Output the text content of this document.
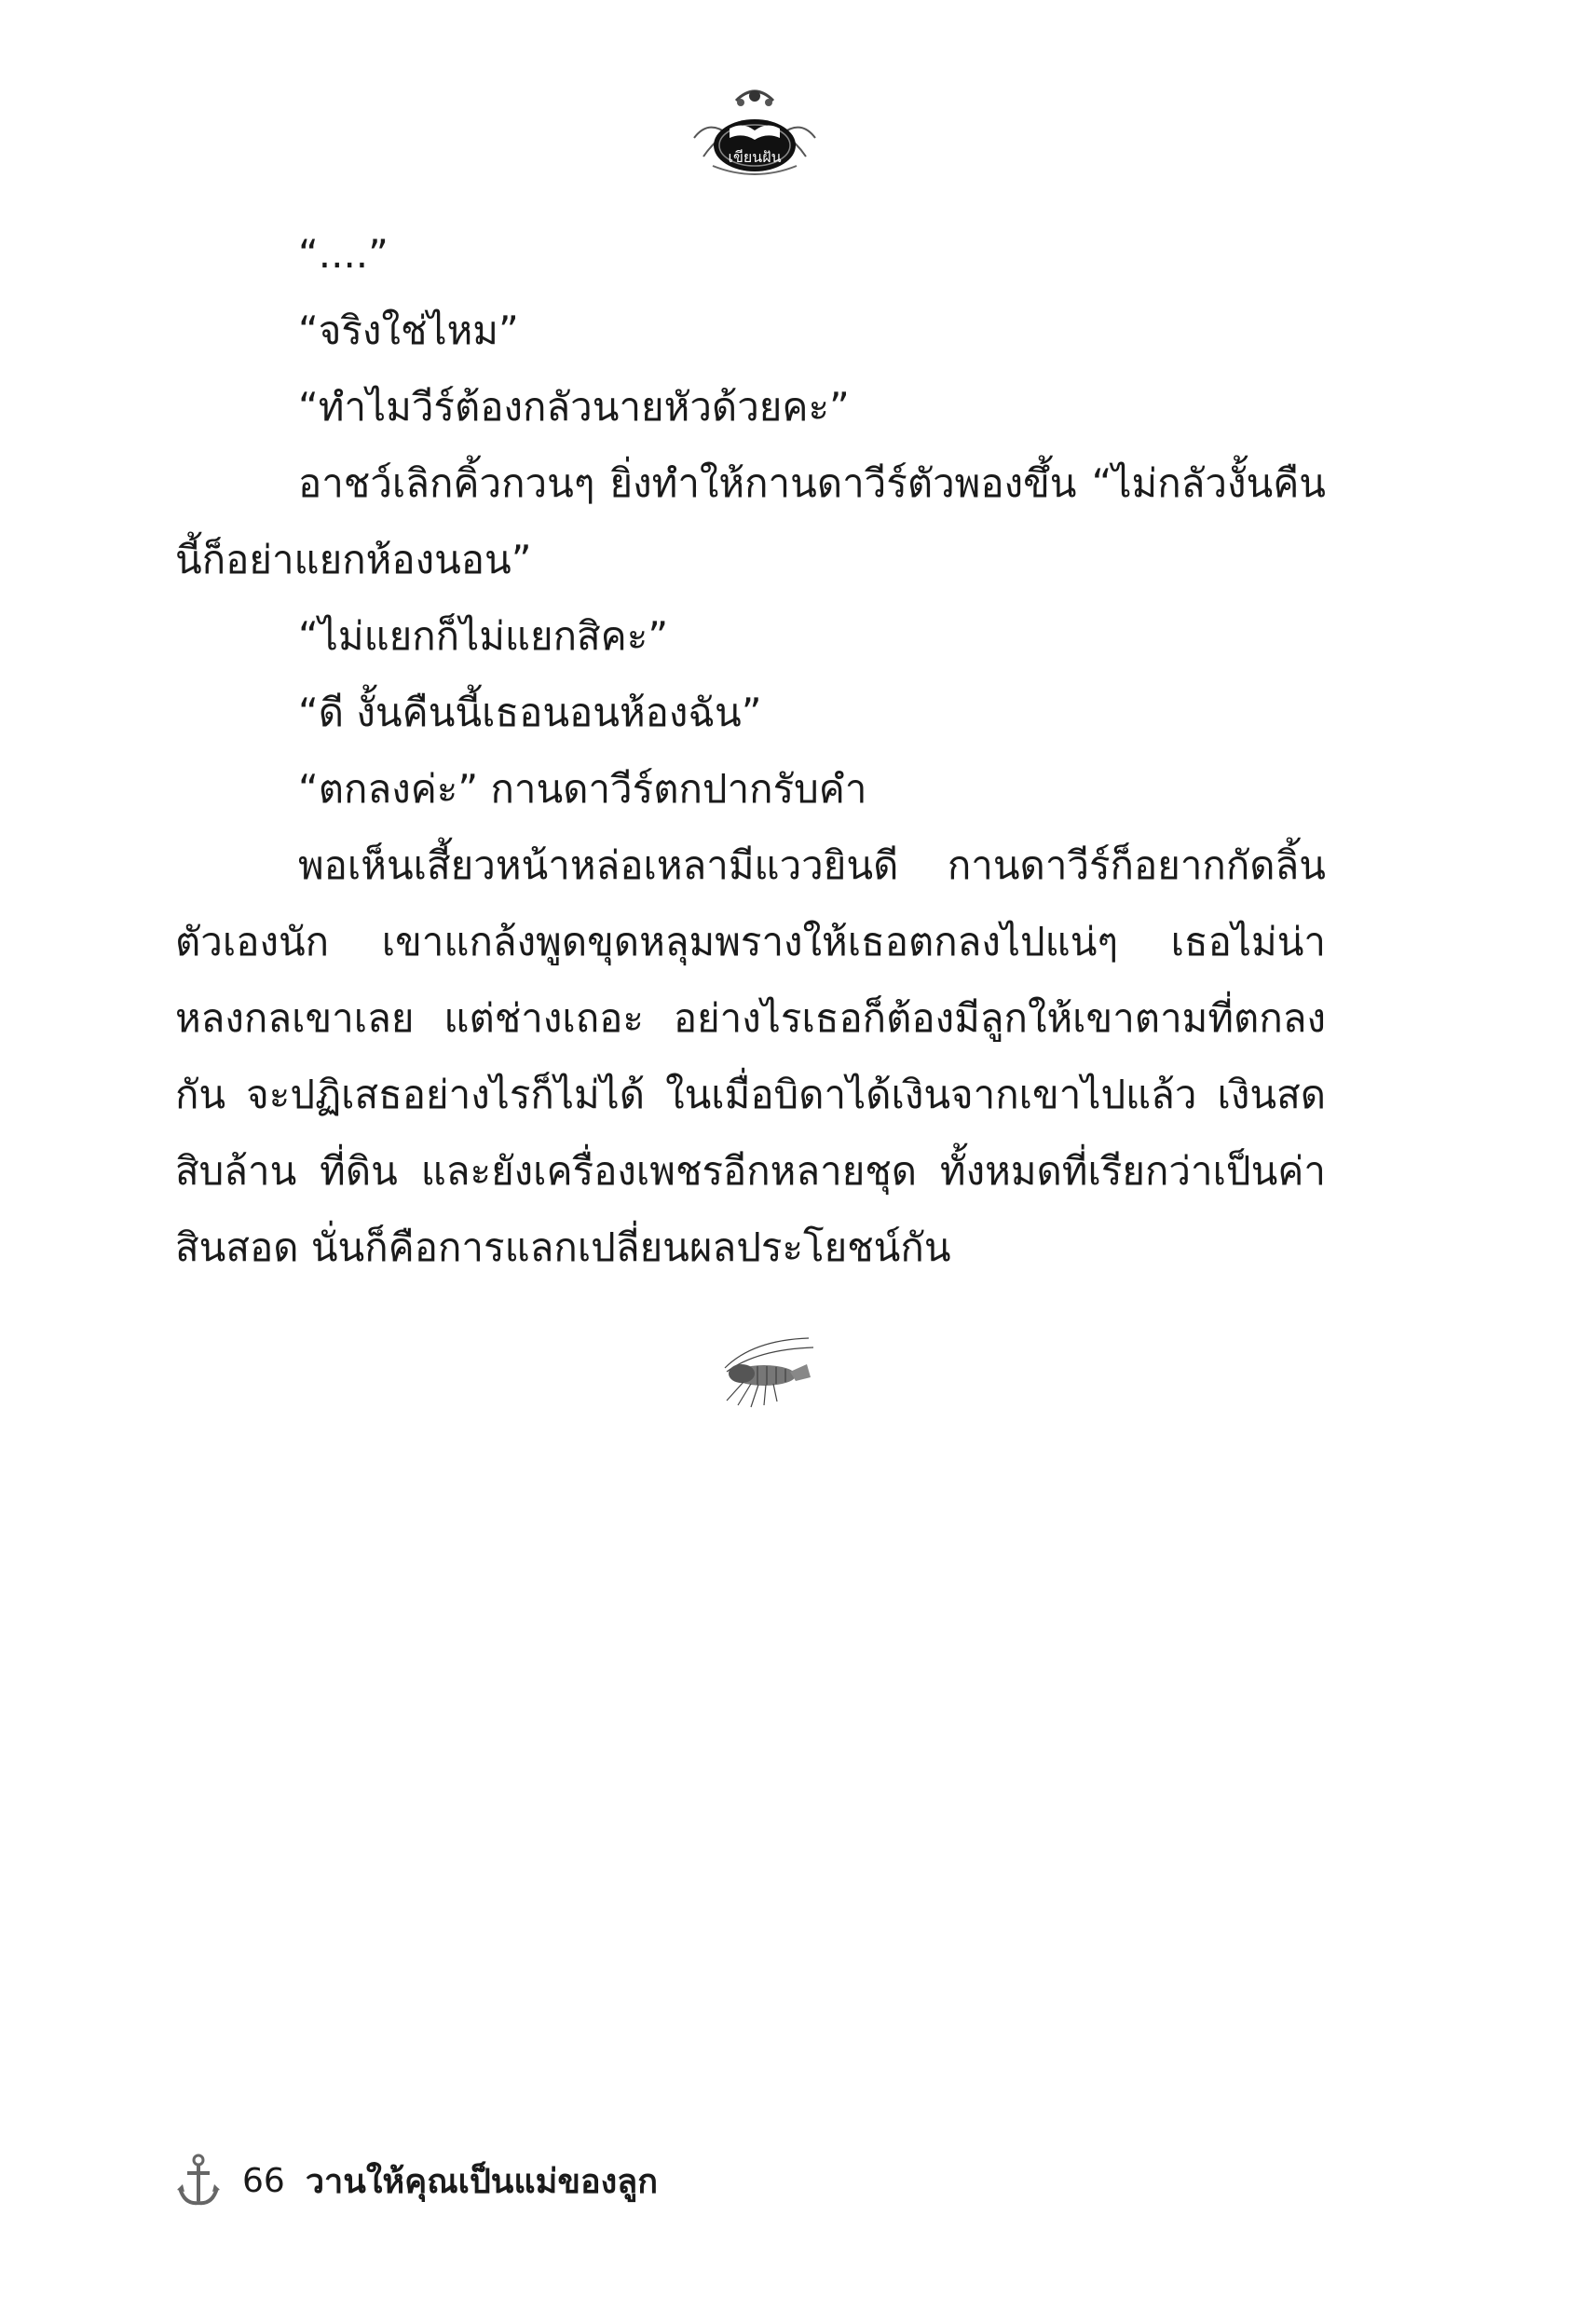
เขียนฝัน

“....”

“จริงใช่ไหม”

“ทำไมวีร์ต้องกลัวนายหัวด้วยคะ”

อาชว์เลิกคิ้วกวนๆ ยิ่งทำให้กานดาวีร์ตัวพองขึ้น “ไม่กลัวงั้นคืนนี้ก็อย่าแยกห้องนอน”

“ไม่แยกก็ไม่แยกสิคะ”

“ดี งั้นคืนนี้เธอนอนห้องฉัน”

“ตกลงค่ะ” กานดาวีร์ตกปากรับคำ

พอเห็นเสี้ยวหน้าหล่อเหลามีแววยินดี กานดาวีร์ก็อยากกัดลิ้นตัวเองนัก เขาแกล้งพูดขุดหลุมพรางให้เธอตกลงไปแน่ๆ เธอไม่น่าหลงกลเขาเลย แต่ช่างเถอะ อย่างไรเธอก็ต้องมีลูกให้เขาตามที่ตกลงกัน จะปฏิเสธอย่างไรก็ไม่ได้ ในเมื่อบิดาได้เงินจากเขาไปแล้ว เงินสดสิบล้าน ที่ดิน และยังเครื่องเพชรอีกหลายชุด ทั้งหมดที่เรียกว่าเป็นค่าสินสอด นั่นก็คือการแลกเปลี่ยนผลประโยชน์กัน

66 วานให้คุณเป็นแม่ของลูก
